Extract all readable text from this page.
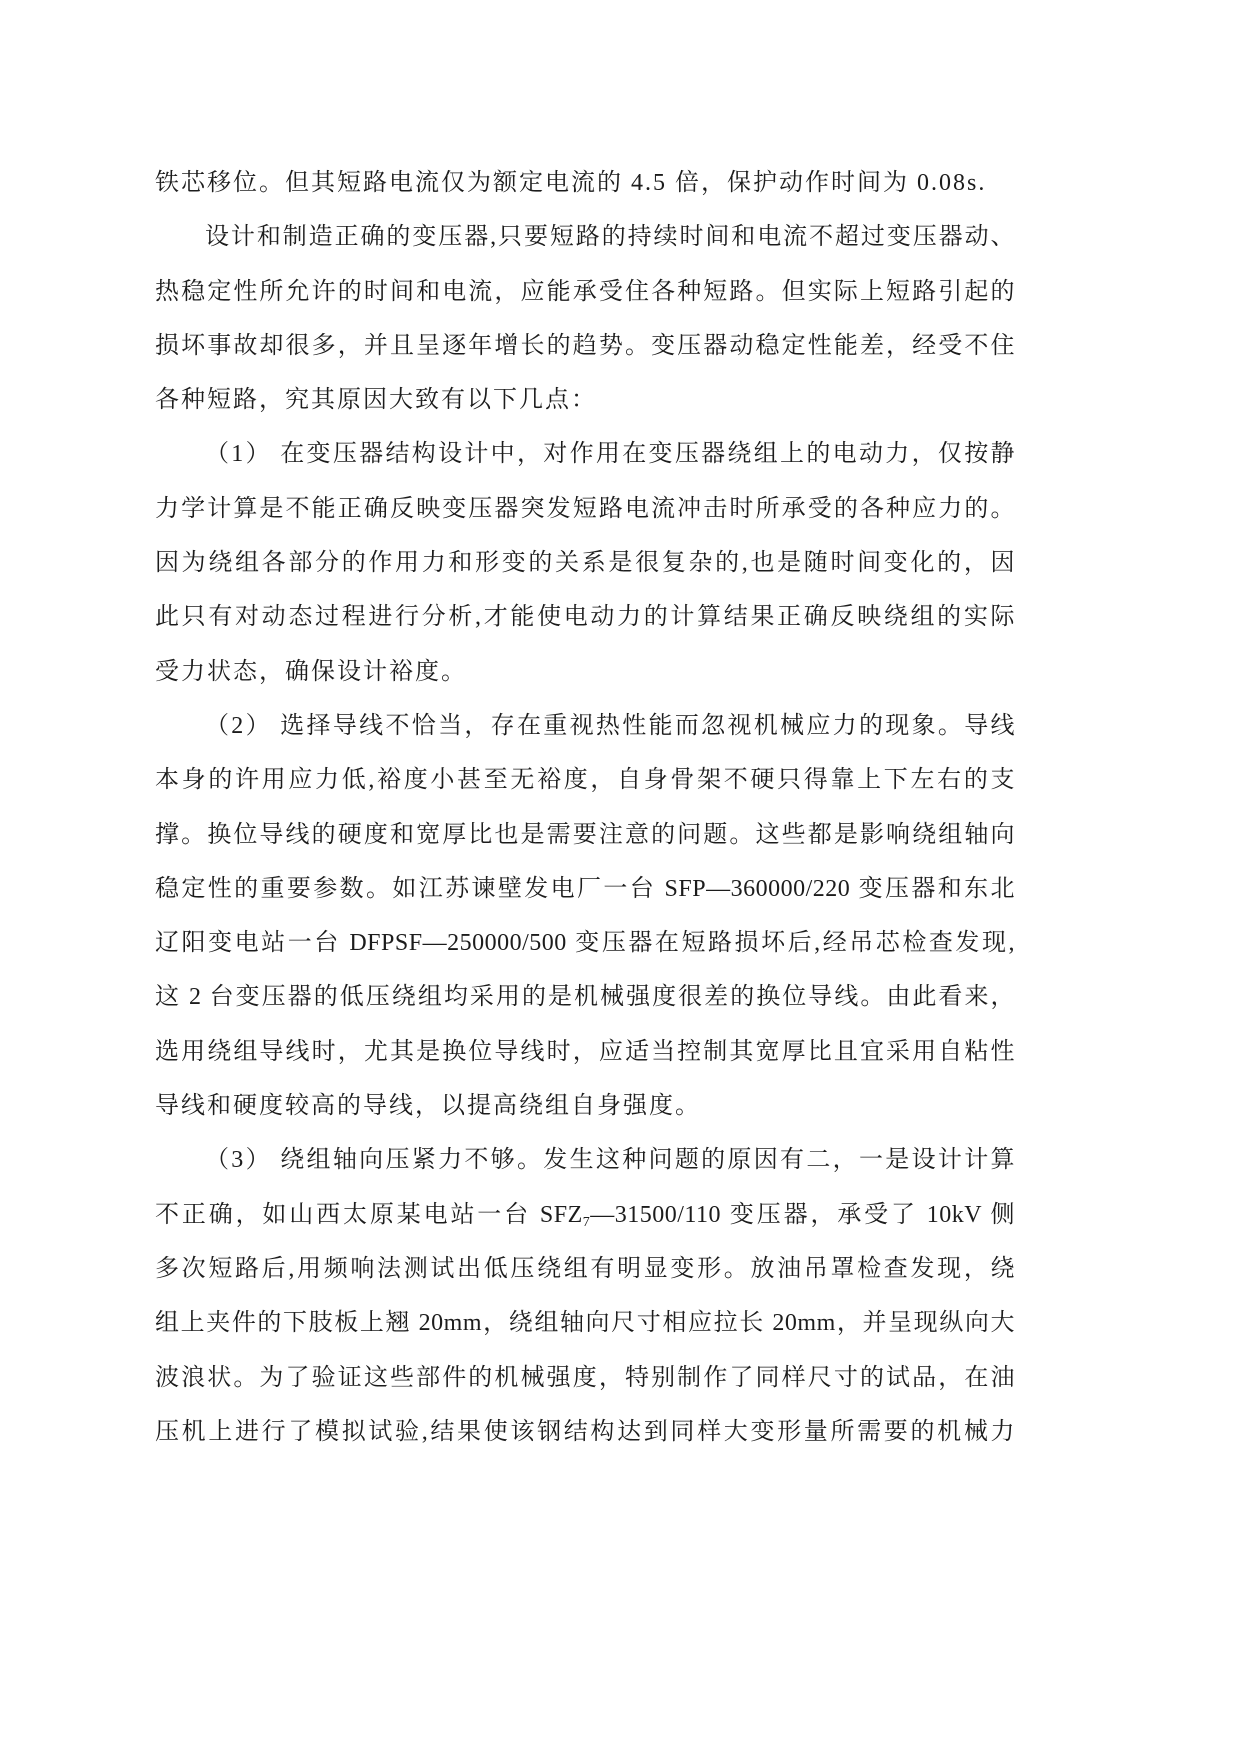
铁芯移位。但其短路电流仅为额定电流的 4.5 倍，保护动作时间为 0.08s.
设计和制造正确的变压器,只要短路的持续时间和电流不超过变压器动、
热稳定性所允许的时间和电流，应能承受住各种短路。但实际上短路引起的
损坏事故却很多，并且呈逐年增长的趋势。变压器动稳定性能差，经受不住
各种短路，究其原因大致有以下几点：
（1） 在变压器结构设计中，对作用在变压器绕组上的电动力，仅按静
力学计算是不能正确反映变压器突发短路电流冲击时所承受的各种应力的。
因为绕组各部分的作用力和形变的关系是很复杂的,也是随时间变化的，因
此只有对动态过程进行分析,才能使电动力的计算结果正确反映绕组的实际
受力状态，确保设计裕度。
（2） 选择导线不恰当，存在重视热性能而忽视机械应力的现象。导线
本身的许用应力低,裕度小甚至无裕度，自身骨架不硬只得靠上下左右的支
撑。换位导线的硬度和宽厚比也是需要注意的问题。这些都是影响绕组轴向
稳定性的重要参数。如江苏谏壁发电厂一台 SFP—360000/220 变压器和东北
辽阳变电站一台 DFPSF—250000/500 变压器在短路损坏后,经吊芯检查发现,
这 2 台变压器的低压绕组均采用的是机械强度很差的换位导线。由此看来，
选用绕组导线时，尤其是换位导线时，应适当控制其宽厚比且宜采用自粘性
导线和硬度较高的导线，以提高绕组自身强度。
（3） 绕组轴向压紧力不够。发生这种问题的原因有二，一是设计计算
不正确，如山西太原某电站一台 $SFZ_7—31500/110$ 变压器，承受了 10kV 侧
多次短路后,用频响法测试出低压绕组有明显变形。放油吊罩检查发现，绕
组上夹件的下肢板上翘 20mm，绕组轴向尺寸相应拉长 20mm，并呈现纵向大
波浪状。为了验证这些部件的机械强度，特别制作了同样尺寸的试品，在油
压机上进行了模拟试验,结果使该钢结构达到同样大变形量所需要的机械力
